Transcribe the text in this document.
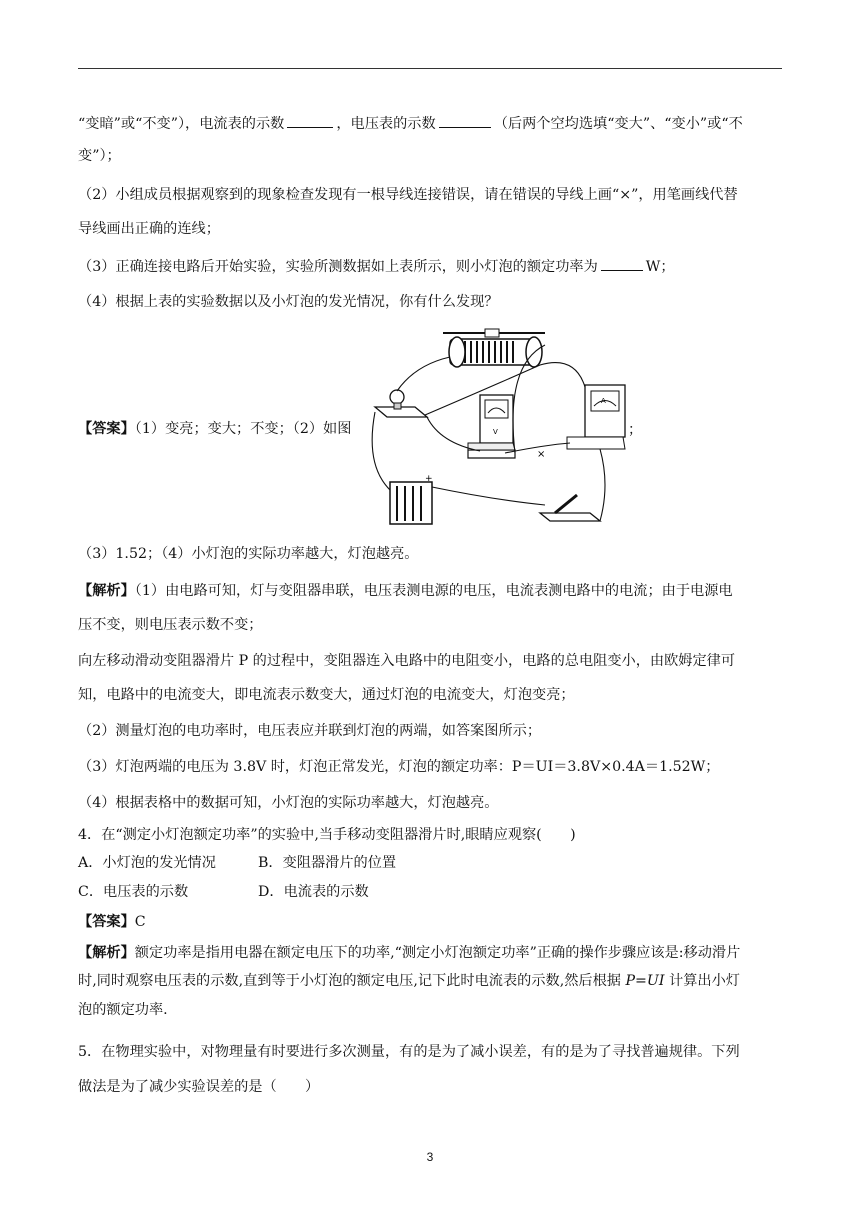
“变暗”或“不变”），电流表的示数	，电压表的示数	（后两个空均选填“变大”、“变小”或“不
变”）；
（2）小组成员根据观察到的现象检查发现有一根导线连接错误，请在错误的导线上画“×”，用笔画线代替
导线画出正确的连线；
（3）正确连接电路后开始实验，实验所测数据如上表所示，则小灯泡的额定功率为	W；
（4）根据上表的实验数据以及小灯泡的发光情况，你有什么发现？
【答案】（1）变亮；变大；不变；（2）如图	V
A
+
×
；
（3）1.52；（4）小灯泡的实际功率越大，灯泡越亮。
【解析】（1）由电路可知，灯与变阻器串联，电压表测电源的电压，电流表测电路中的电流；由于电源电
压不变，则电压表示数不变；
向左移动滑动变阻器滑片 P 的过程中，变阻器连入电路中的电阻变小，电路的总电阻变小，由欧姆定律可
知，电路中的电流变大，即电流表示数变大，通过灯泡的电流变大，灯泡变亮；
（2）测量灯泡的电功率时，电压表应并联到灯泡的两端，如答案图所示；
（3）灯泡两端的电压为 3.8V 时，灯泡正常发光，灯泡的额定功率：P＝UI＝3.8V×0.4A＝1.52W；
（4）根据表格中的数据可知，小灯泡的实际功率越大，灯泡越亮。
4．在“测定小灯泡额定功率”的实验中,当手移动变阻器滑片时,眼睛应观察(　　)
A．小灯泡的发光情况	B．变阻器滑片的位置
C．电压表的示数	D．电流表的示数
【答案】C
【解析】额定功率是指用电器在额定电压下的功率,“测定小灯泡额定功率”正确的操作步骤应该是:移动滑片
时,同时观察电压表的示数,直到等于小灯泡的额定电压,记下此时电流表的示数,然后根据 P=UI 计算出小灯
泡的额定功率.
5．在物理实验中，对物理量有时要进行多次测量，有的是为了减小误差，有的是为了寻找普遍规律。下列
做法是为了减少实验误差的是（　　）
3
